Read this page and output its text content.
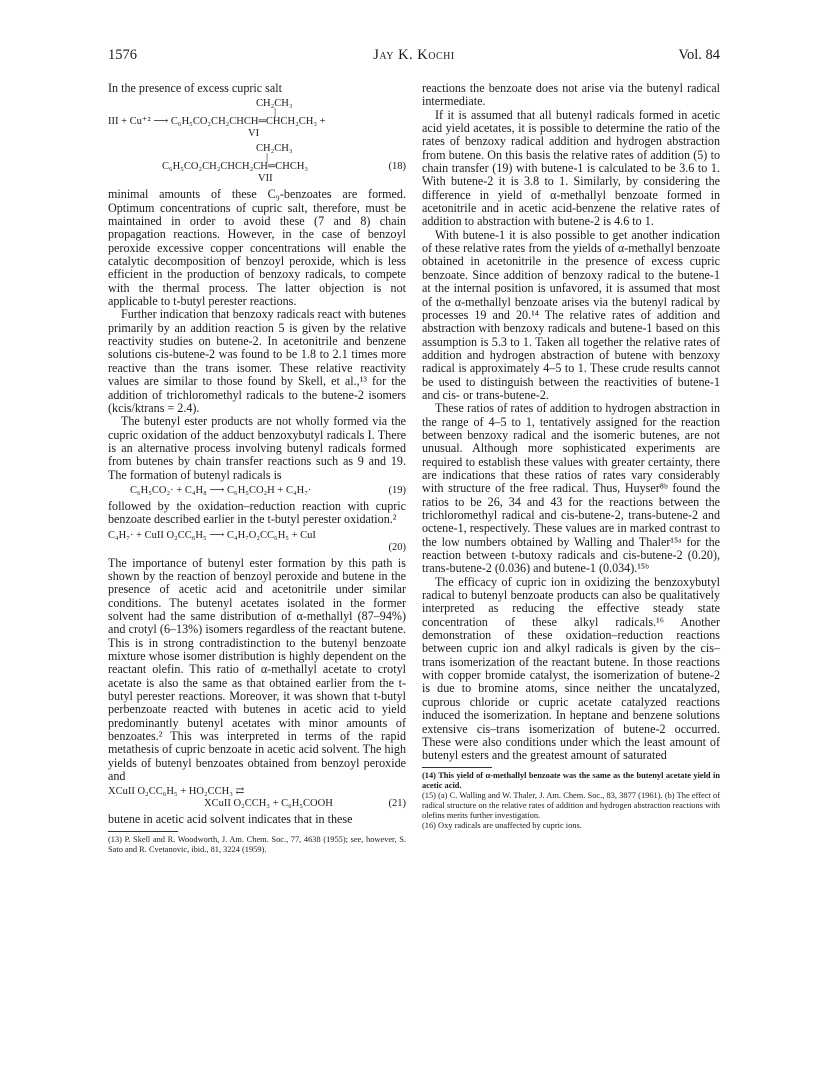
1576	Jay K. Kochi	Vol. 84

In the presence of excess cupric salt

CH₂CH₃
|
III + Cu⁺² ⟶ C₆H₅CO₂CH₂CHCH═CHCH₂CH₃ +
VI
CH₂CH₃
|
C₆H₅CO₂CH₂CHCH₂CH═CHCH₃	(18)
VII

minimal amounts of these C₉-benzoates are formed. Optimum concentrations of cupric salt, therefore, must be maintained in order to avoid these (7 and 8) chain propagation reactions. However, in the case of benzoyl peroxide excessive copper concentrations will enable the catalytic decomposition of benzoyl peroxide, which is less efficient in the production of benzoxy radicals, to compete with the thermal process. The latter objection is not applicable to t-butyl perester reactions.

Further indication that benzoxy radicals react with butenes primarily by an addition reaction 5 is given by the relative reactivity studies on butene-2. In acetonitrile and benzene solutions cis-butene-2 was found to be 1.8 to 2.1 times more reactive than the trans isomer. These relative reactivity values are similar to those found by Skell, et al.,¹³ for the addition of trichloromethyl radicals to the butene-2 isomers (kcis/ktrans = 2.4).

The butenyl ester products are not wholly formed via the cupric oxidation of the adduct benzoxybutyl radicals I. There is an alternative process involving butenyl radicals formed from butenes by chain transfer reactions such as 9 and 19. The formation of butenyl radicals is

C₆H₅CO₂· + C₄H₈ ⟶ C₆H₅CO₂H + C₄H₇·	(19)

followed by the oxidation–reduction reaction with cupric benzoate described earlier in the t-butyl perester oxidation.²

C₄H₇· + CuII O₂CC₆H₅ ⟶ C₄H₇O₂CC₆H₅ + CuI
(20)

The importance of butenyl ester formation by this path is shown by the reaction of benzoyl peroxide and butene in the presence of acetic acid and acetonitrile under similar conditions. The butenyl acetates isolated in the former solvent had the same distribution of α-methallyl (87–94%) and crotyl (6–13%) isomers regardless of the reactant butene. This is in strong contradistinction to the butenyl benzoate mixture whose isomer distribution is highly dependent on the reactant olefin. This ratio of α-methallyl acetate to crotyl acetate is also the same as that obtained earlier from the t-butyl perester reactions. Moreover, it was shown that t-butyl perbenzoate reacted with butenes in acetic acid to yield predominantly butenyl acetates with minor amounts of benzoates.² This was interpreted in terms of the rapid metathesis of cupric benzoate in acetic acid solvent. The high yields of butenyl benzoates obtained from benzoyl peroxide and

XCuII O₂CC₆H₅ + HO₂CCH₃ ⇄
XCuII O₂CCH₃ + C₆H₅COOH	(21)

butene in acetic acid solvent indicates that in these

(13) P. Skell and R. Woodworth, J. Am. Chem. Soc., 77, 4638 (1955); see, however, S. Sato and R. Cvetanovic, ibid., 81, 3224 (1959).

reactions the benzoate does not arise via the butenyl radical intermediate.

If it is assumed that all butenyl radicals formed in acetic acid yield acetates, it is possible to determine the ratio of the rates of benzoxy radical addition and hydrogen abstraction from butene. On this basis the relative rates of addition (5) to chain transfer (19) with butene-1 is calculated to be 3.6 to 1. With butene-2 it is 3.8 to 1. Similarly, by considering the difference in yield of α-methallyl benzoate formed in acetonitrile and in acetic acid-benzene the relative rates of addition to abstraction with butene-2 is 4.6 to 1.

With butene-1 it is also possible to get another indication of these relative rates from the yields of α-methallyl benzoate obtained in acetonitrile in the presence of excess cupric benzoate. Since addition of benzoxy radical to the butene-1 at the internal position is unfavored, it is assumed that most of the α-methallyl benzoate arises via the butenyl radical by processes 19 and 20.¹⁴ The relative rates of addition and abstraction with benzoxy radicals and butene-1 based on this assumption is 5.3 to 1. Taken all together the relative rates of addition and hydrogen abstraction of butene with benzoxy radical is approximately 4–5 to 1. These crude results cannot be used to distinguish between the reactivities of butene-1 and cis- or trans-butene-2.

These ratios of rates of addition to hydrogen abstraction in the range of 4–5 to 1, tentatively assigned for the reaction between benzoxy radical and the isomeric butenes, are not unusual. Although more sophisticated experiments are required to establish these values with greater certainty, there are indications that these ratios of rates vary considerably with structure of the free radical. Thus, Huyser⁸ᵇ found the ratios to be 26, 34 and 43 for the reactions between the trichloromethyl radical and cis-butene-2, trans-butene-2 and octene-1, respectively. These values are in marked contrast to the low numbers obtained by Walling and Thaler¹⁵ᵃ for the reaction between t-butoxy radicals and cis-butene-2 (0.20), trans-butene-2 (0.036) and butene-1 (0.034).¹⁵ᵇ

The efficacy of cupric ion in oxidizing the benzoxybutyl radical to butenyl benzoate products can also be qualitatively interpreted as reducing the effective steady state concentration of these alkyl radicals.¹⁶ Another demonstration of these oxidation–reduction reactions between cupric ion and alkyl radicals is given by the cis–trans isomerization of the reactant butene. In those reactions with copper bromide catalyst, the isomerization of butene-2 is due to bromine atoms, since neither the uncatalyzed, cuprous chloride or cupric acetate catalyzed reactions induced the isomerization. In heptane and benzene solutions extensive cis–trans isomerization of butene-2 occurred. These were also conditions under which the least amount of butenyl esters and the greatest amount of saturated

(14) This yield of α-methallyl benzoate was the same as the butenyl acetate yield in acetic acid.

(15) (a) C. Walling and W. Thaler, J. Am. Chem. Soc., 83, 3877 (1961). (b) The effect of radical structure on the relative rates of addition and hydrogen abstraction reactions with olefins merits further investigation.

(16) Oxy radicals are unaffected by cupric ions.
